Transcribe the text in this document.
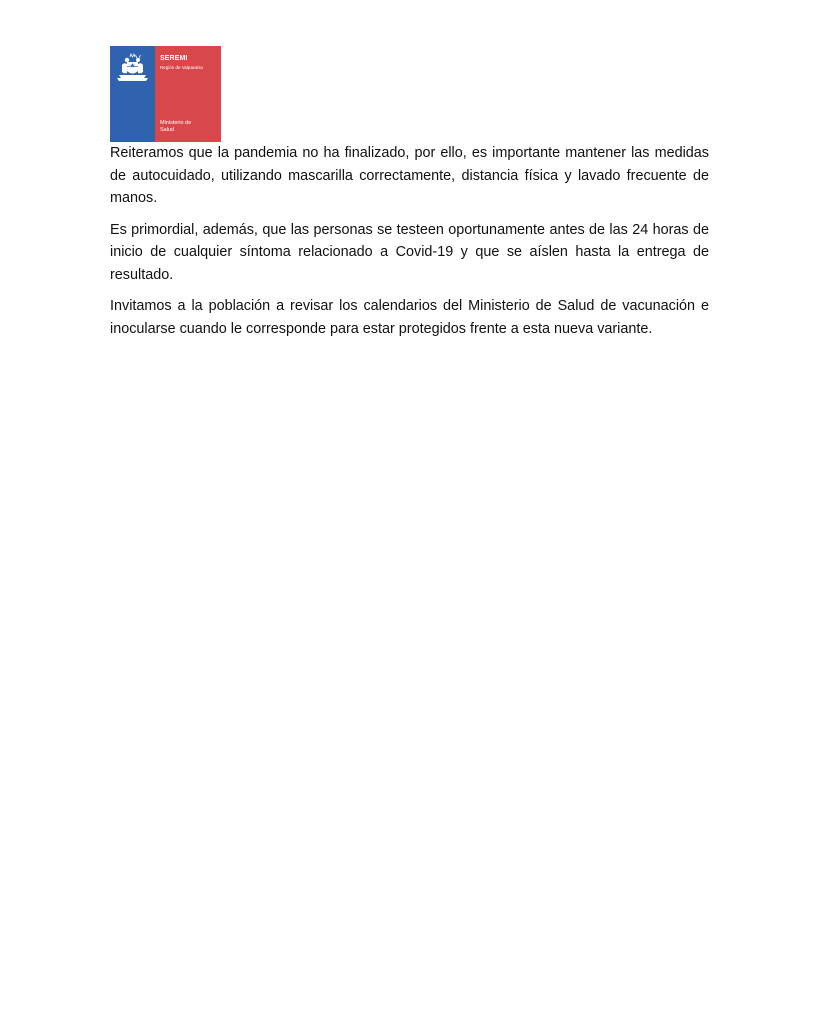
SEREMI
Región de Valparaíso
Ministerio de
Salud

Reiteramos que la pandemia no ha finalizado, por ello, es importante mantener las medidas de autocuidado, utilizando mascarilla correctamente, distancia física y lavado frecuente de manos.

Es primordial, además, que las personas se testeen oportunamente antes de las 24 horas de inicio de cualquier síntoma relacionado a Covid-19 y que se aíslen hasta la entrega de resultado.

Invitamos a la población a revisar los calendarios del Ministerio de Salud de vacunación e inocularse cuando le corresponde para estar protegidos frente a esta nueva variante.
